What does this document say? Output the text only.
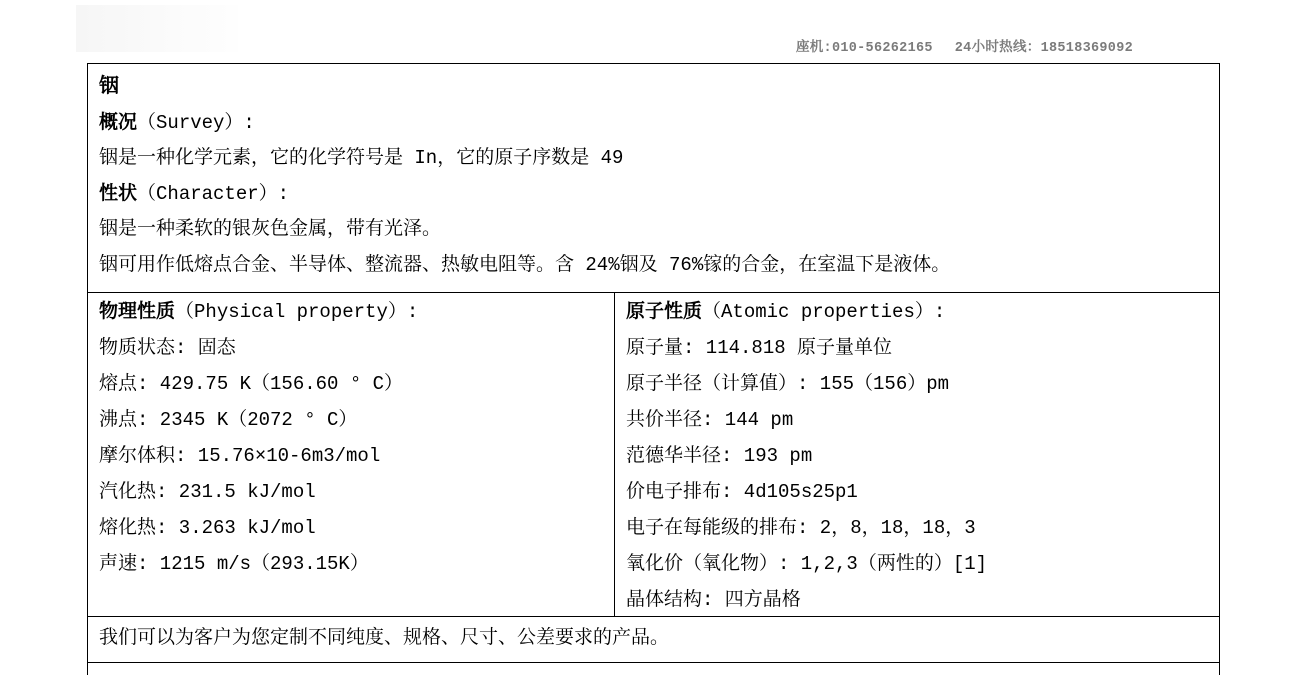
座机:010-56262165 24小时热线：18518369092
铟
概况（Survey）:
铟是一种化学元素，它的化学符号是 In，它的原子序数是 49
性状（Character）:
铟是一种柔软的银灰色金属，带有光泽。
铟可用作低熔点合金、半导体、整流器、热敏电阻等。含 24%铟及 76%镓的合金，在室温下是液体。
物理性质（Physical property）:
物质状态: 固态
熔点: 429.75 K（156.60 ° C）
沸点: 2345 K（2072 ° C）
摩尔体积: 15.76×10-6m3/mol
汽化热: 231.5 kJ/mol
熔化热: 3.263 kJ/mol
声速: 1215 m/s（293.15K）
原子性质（Atomic properties）:
原子量: 114.818 原子量单位
原子半径（计算值）: 155（156）pm
共价半径: 144 pm
范德华半径: 193 pm
价电子排布: 4d105s25p1
电子在每能级的排布: 2，8，18，18，3
氧化价（氧化物）: 1,2,3（两性的）[1]
晶体结构: 四方晶格
我们可以为客户为您定制不同纯度、规格、尺寸、公差要求的产品。
